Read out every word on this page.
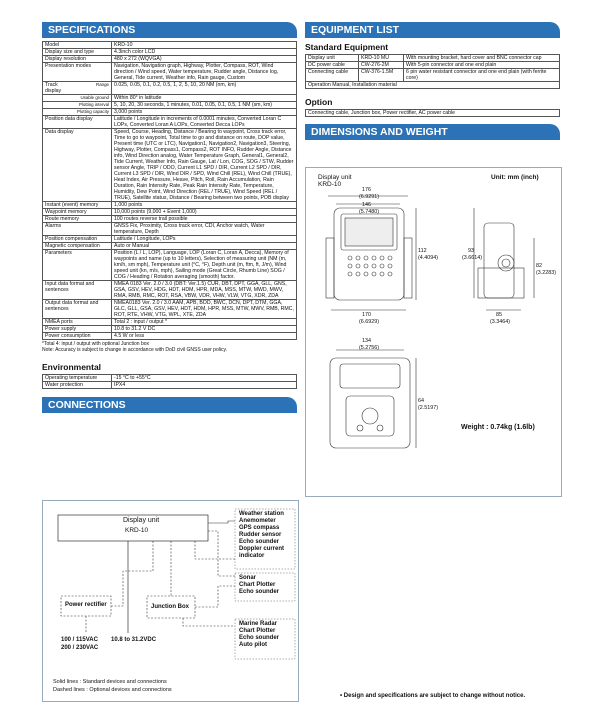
SPECIFICATIONS
Model	KRD-10
Display size and type	4.3inch color LCD
Display resolution	480 x 272 (WQVGA)
Presentation modes	Navigation, Navigation graph, Highway, Plotter, Compass, ROT, Wind direction / Wind speed, Water temperature, Rudder angle, Distance log, General, Tide current, Weather info, Rain gauge, Custom

Track display
Range	0.025, 0.05, 0.1, 0.2, 0.5, 1, 2, 5, 10, 20 NM (nm, km)

Usable ground	Within 80° in latitude

Plotting interval	5, 10, 20, 30 seconds, 1 minutes, 0.01, 0.05, 0.1, 0.5, 1 NM (sm, km)

Plotting capacity	3,000 points
Position data display	Latitude / Longitude in increments of 0.0001 minutes, Converted Loran C LOPs, Converted Loran A LOPs, Converted Decca LOPs
Data display	Speed, Course, Heading, Distance / Bearing to waypoint, Cross track error, Time to go to waypoint, Total time to go and distance on route, DOP value, Present time (UTC or LTC), Navigation1, Navigation2, Navigation3, Steering, Highway, Plotter, Compass1, Compass2, ROT INFO, Rudder Angle, Distance info, Wind Direction analog, Water Temperature Graph, General1, General2, Tide Current, Weather Info, Rain Gauge, Lat / Lon, COG, SOG / STW, Rudder sensor Angle, TRIP / ODO, Current L1 SPD / DIR, Current L2 SPD / DIR, Current L3 SPD / DIR, Wind DIR / SPD, Wind Chill (REL), Wind Chill (TRUE), Heat Index, Air Pressure, Heave, Pitch, Roll, Rain Accumulation, Rain Duration, Rain Intensity Rate, Peak Rain Intensity Rate, Temperature, Humidity, Dew Point, Wind Direction (REL / TRUE), Wind Speed (REL / TRUE), Satellite status, Distance / Bearing between two points, POB display
Instant (event) memory	1,000 points
Waypoint memory	10,000 points (9,000 + Event 1,000)
Route memory	100 routes reverse trail possible
Alarms	GNSS Fix, Proximity, Cross track error, CDI, Anchor watch, Water temperature, Depth
Position compensation	Latitude / Longitude, LOPs
Magnetic compensation	Auto or Manual
Parameters	Position (L / L, LOP), Language, LOP (Loran C, Loran A, Decca), Memory of waypoints and name (up to 10 letters), Selection of measuring unit (NM (m, km/h, sm mph), Temperature unit (°C, °F), Depth unit (m, ftm, ft, J/m), Wind speed unit (kn, m/s, mph), Sailing mode (Great Circle, Rhumb Line) SOG / COG / Heading / Rotation averaging (smooth) factor.
Input data format and sentences	NMEA 0183 Ver. 2.0 / 3.0 (DBT: Ver.1.5) CUR, DBT, DPT, GGA, GLL, GNS, GSA, GSV, HEV, HDG, HDT, HDM, HPR, MDA, MSS, MTW, MWD, MWV, RMA, RMB, RMC, ROT, RSA, VBW, VDR, VHW, VLW, VTG, XDR, ZDA
Output data format and sentences	NMEA0183 Ver. 2.0 / 3.0 AAM, APB, BOD, BWC, DCN, DPT, DTM, GGA, GLC, GLL, GSA, GSV, HEV, HDT, HDM, HPR, MSS, MTW, MWV, RMB, RMC, ROT, RTE, VHW, VTG, WPL, XTE, ZDA
NMEA ports	Total 2 : input / output *
Power supply	10.8 to 31.2 V DC
Power consumption	4.5 W or less
*Total 4: input / output with optional Junction box
Note: Accuracy is subject to change in accordance with DoD civil GNSS user policy.
Environmental
Operating temperature	-15 °C to +55°C
Water protection	IPX4
CONNECTIONS
Display unit
KRD-10
Weather station
Anemometer
GPS compass
Rudder sensor
Echo sounder
Doppler current
indicator
Sonar
Chart Plotter
Echo sounder
Marine Radar
Chart Plotter
Echo sounder
Auto pilot
Power rectifier	Junction Box
100 / 115VAC
200 / 230VAC
10.8 to 31.2VDC
Solid lines : Standard devices and connections
Dashed lines : Optional devices and connections
EQUIPMENT LIST
Standard Equipment
Display unit	KRD-10 MU	With mounting bracket, hard cover and BNC connector cap
DC power cable	CW-276-2M	With 5-pin connector and one end plain
Connecting cable	CW-376-1.5M	6 pin water resistant connector and one end plain (with ferrite core)
Operation Manual, Installation material		
Option
Connecting cable, Junction box, Power rectifier, AC power cable
DIMENSIONS AND WEIGHT
Display unit
KRD-10
Unit: mm (inch)
176
(6.9291)
146
(5.7480)
112
(4.4094)
170
(6.6929)
134
(5.2756)
93
(3.6614)
82
(3.2283)
85
(3.3464)
64
(2.5197)
Weight : 0.74kg (1.6lb)
• Design and specifications are subject to change without notice.
